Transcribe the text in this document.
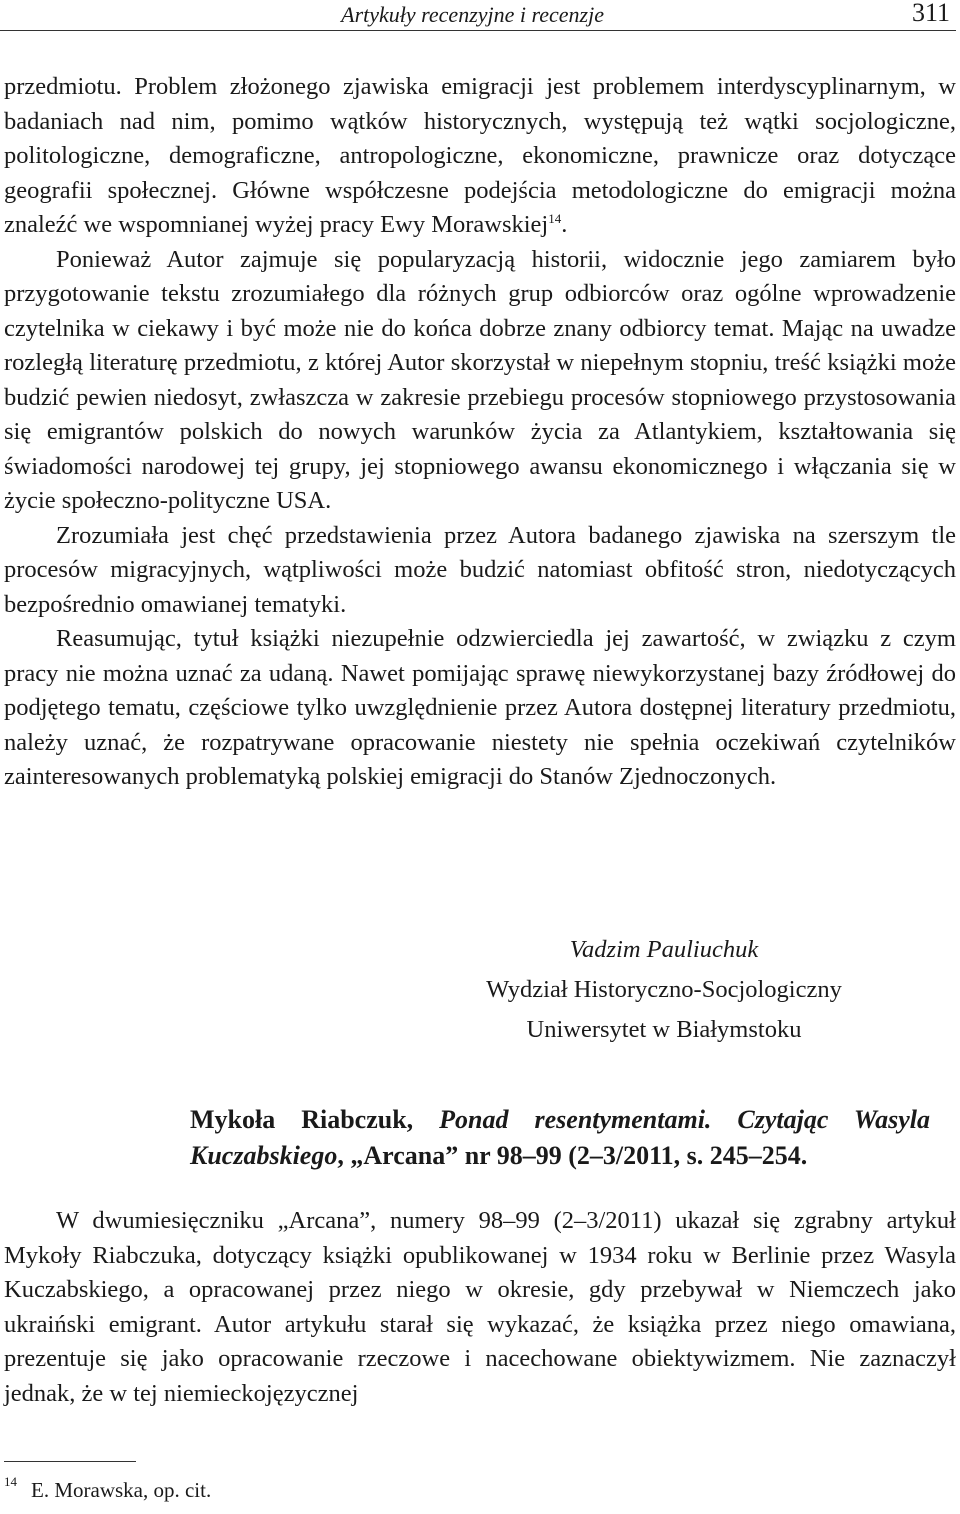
Artykuły recenzyjne i recenzje	311

przedmiotu. Problem złożonego zjawiska emigracji jest problemem interdyscyplinarnym, w badaniach nad nim, pomimo wątków historycznych, występują też wątki socjologiczne, politologiczne, demograficzne, antropologiczne, ekonomiczne, prawnicze oraz dotyczące geografii społecznej. Główne współczesne podejścia metodologiczne do emigracji można znaleźć we wspomnianej wyżej pracy Ewy Morawskiej$^{14}$.

Ponieważ Autor zajmuje się popularyzacją historii, widocznie jego zamiarem było przygotowanie tekstu zrozumiałego dla różnych grup odbiorców oraz ogólne wprowadzenie czytelnika w ciekawy i być może nie do końca dobrze znany odbiorcy temat. Mając na uwadze rozległą literaturę przedmiotu, z której Autor skorzystał w niepełnym stopniu, treść książki może budzić pewien niedosyt, zwłaszcza w zakresie przebiegu procesów stopniowego przystosowania się emigrantów polskich do nowych warunków życia za Atlantykiem, kształtowania się świadomości narodowej tej grupy, jej stopniowego awansu ekonomicznego i włączania się w życie społeczno-polityczne USA.

Zrozumiała jest chęć przedstawienia przez Autora badanego zjawiska na szerszym tle procesów migracyjnych, wątpliwości może budzić natomiast obfitość stron, niedotyczących bezpośrednio omawianej tematyki.

Reasumując, tytuł książki niezupełnie odzwierciedla jej zawartość, w związku z czym pracy nie można uznać za udaną. Nawet pomijając sprawę niewykorzystanej bazy źródłowej do podjętego tematu, częściowe tylko uwzględnienie przez Autora dostępnej literatury przedmiotu, należy uznać, że rozpatrywane opracowanie niestety nie spełnia oczekiwań czytelników zainteresowanych problematyką polskiej emigracji do Stanów Zjednoczonych.

Vadzim Pauliuchuk
Wydział Historyczno-Socjologiczny
Uniwersytet w Białymstoku
Mykoła Riabczuk, Ponad resentymentami. Czytając Wasyla Kuczabskiego, „Arcana” nr 98–99 (2–3/2011, s. 245–254.

W dwumiesięczniku „Arcana”, numery 98–99 (2–3/2011) ukazał się zgrabny artykuł Mykoły Riabczuka, dotyczący książki opublikowanej w 1934 roku w Berlinie przez Wasyla Kuczabskiego, a opracowanej przez niego w okresie, gdy przebywał w Niemczech jako ukraiński emigrant. Autor artykułu starał się wykazać, że książka przez niego omawiana, prezentuje się jako opracowanie rzeczowe i nacechowane obiektywizmem. Nie zaznaczył jednak, że w tej niemieckojęzycznej

$^{14}$ E. Morawska, op. cit.
